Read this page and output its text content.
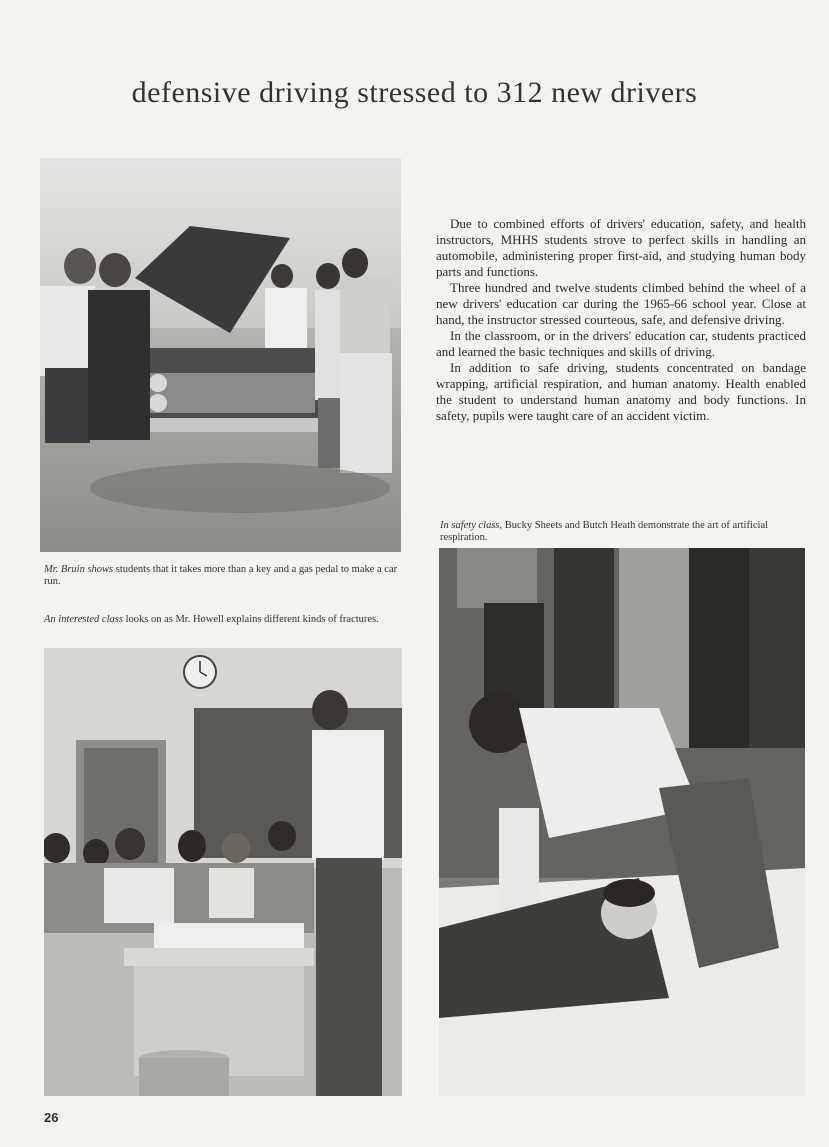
defensive driving stressed to 312 new drivers
Mr. Bruin shows students that it takes more than a key and a gas pedal to make a car run.
An interested class looks on as Mr. Howell explains different kinds of fractures.

Due to combined efforts of drivers' education, safety, and health instructors, MHHS students strove to perfect skills in handling an automobile, administering proper first-aid, and studying human body parts and functions.

Three hundred and twelve students climbed behind the wheel of a new drivers' education car during the 1965-66 school year. Close at hand, the instructor stressed courteous, safe, and defensive driving.

In the classroom, or in the drivers' education car, students practiced and learned the basic techniques and skills of driving.

In addition to safe driving, students concentrated on bandage wrapping, artificial respiration, and human anatomy. Health enabled the student to understand human anatomy and body functions. In safety, pupils were taught care of an accident victim.

In safety class, Bucky Sheets and Butch Heath demonstrate the art of artificial respiration.
26
